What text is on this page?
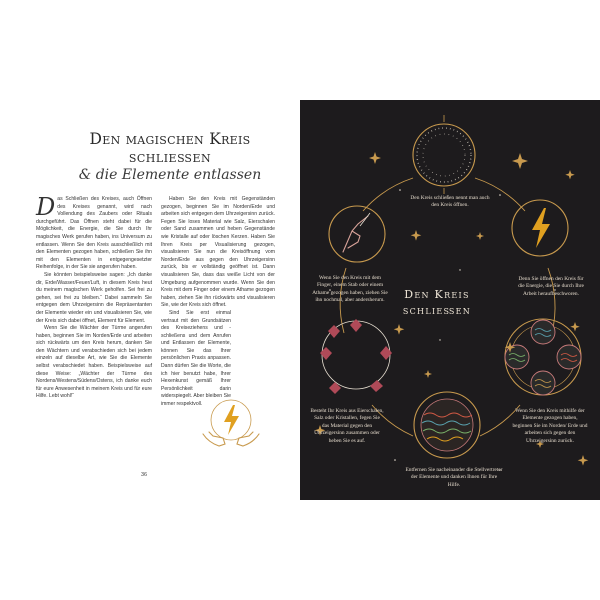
Den magischen Kreis
schließen
& die Elemente entlassen
D as Schließen des Kreises, auch Öffnen des Kreises genannt, wird nach Vollendung des Zaubers oder Rituals durchgeführt. Das Öffnen steht dabei für die Möglichkeit, die Energie, die Sie durch Ihr magisches Werk gerufen haben, ins Universum zu entlassen. Wenn Sie den Kreis ausschließlich mit den Elementen gezogen haben, schließen Sie ihn mit den Elementen in entgegengesetzter Reihenfolge, in der Sie sie angerufen haben.

Sie könnten beispielsweise sagen: „Ich danke dir, Erde/Wasser/Feuer/Luft, in diesem Kreis heut du meinem magischen Werk geholfen. Sei frei zu gehen, sei frei zu bleiben.“ Dabei sammeln Sie entgegen dem Uhrzeigersinn die Repräsentanten der Elemente wieder ein und visualisieren Sie, wie der Kreis sich dabei öffnet, Element für Element.

Wenn Sie die Wächter der Türme angerufen haben, beginnen Sie im Norden/Erde und arbeiten sich rückwärts um den Kreis herum, danken Sie den Wächtern und verabschieden sich bei jedem einzeln auf dieselbe Art, wie Sie die Elemente selbst verabschiedet haben. Beispielsweise auf diese Weise: „Wächter der Türme des Nordens/Westens/Südens/Ostens, ich danke euch für eure Anwesenheit in meinem Kreis und für eure Hilfe. Lebt wohl!“

Haben Sie den Kreis mit Gegenständen gezogen, beginnen Sie im Norden/Erde und arbeiten sich entgegen dem Uhrzeigersinn zurück. Fegen Sie loses Material wie Salz, Eierschalen oder Sand zusammen und heben Gegenstände wie Kristalle auf oder löschen Kerzen. Haben Sie Ihren Kreis per Visualisierung gezogen, visualisieren Sie nun die Kreisöffnung vom Norden/Erde aus gegen den Uhrzeigersinn zurück, bis er vollständig geöffnet ist. Dann visualisieren Sie, dass das weiße Licht von der Umgebung aufgenommen wurde. Wenn Sie den Kreis mit dem Finger oder einem Athame gezogen haben, ziehen Sie ihn rückwärts und visualisieren Sie, wie der Kreis sich öffnet.

Sind Sie erst einmal vertraut mit den Grundsätzen des Kreiseziehens und -schließens und dem Anrufen und Entlassen der Elemente, können Sie das Ihrer persönlichen Praxis anpassen. Dann dürfen Sie die Worte, die ich hier benutzt habe, Ihrer Hexenkunst gemäß Ihrer Persönlichkeit darin widerspiegelt. Aber bleiben Sie immer respektvoll.

36
Den Kreis
schließen
Den Kreis schließen nennt man auch den Kreis öffnen.
Denn Sie öffnen den Kreis für die Energie, die Sie durch Ihre Arbeit heraufbeschworen.
Wenn Sie den Kreis mithilfe der Elemente gezogen haben, beginnen Sie im Norden/ Erde und arbeiten sich gegen den Uhrzeigersinn zurück.
Entfernen Sie nacheinander die Stellvertreter der Elemente und danken Ihnen für Ihre Hilfe.
Besteht Ihr Kreis aus Eierschalen, Salz oder Kristallen, fegen Sie das Material gegen den Uhrzeigersinn zusammen oder heben Sie es auf.
Wenn Sie den Kreis mit dem Finger, einem Stab oder einem Athame gezogen haben, ziehen Sie ihn nochmal, aber andersherum.
